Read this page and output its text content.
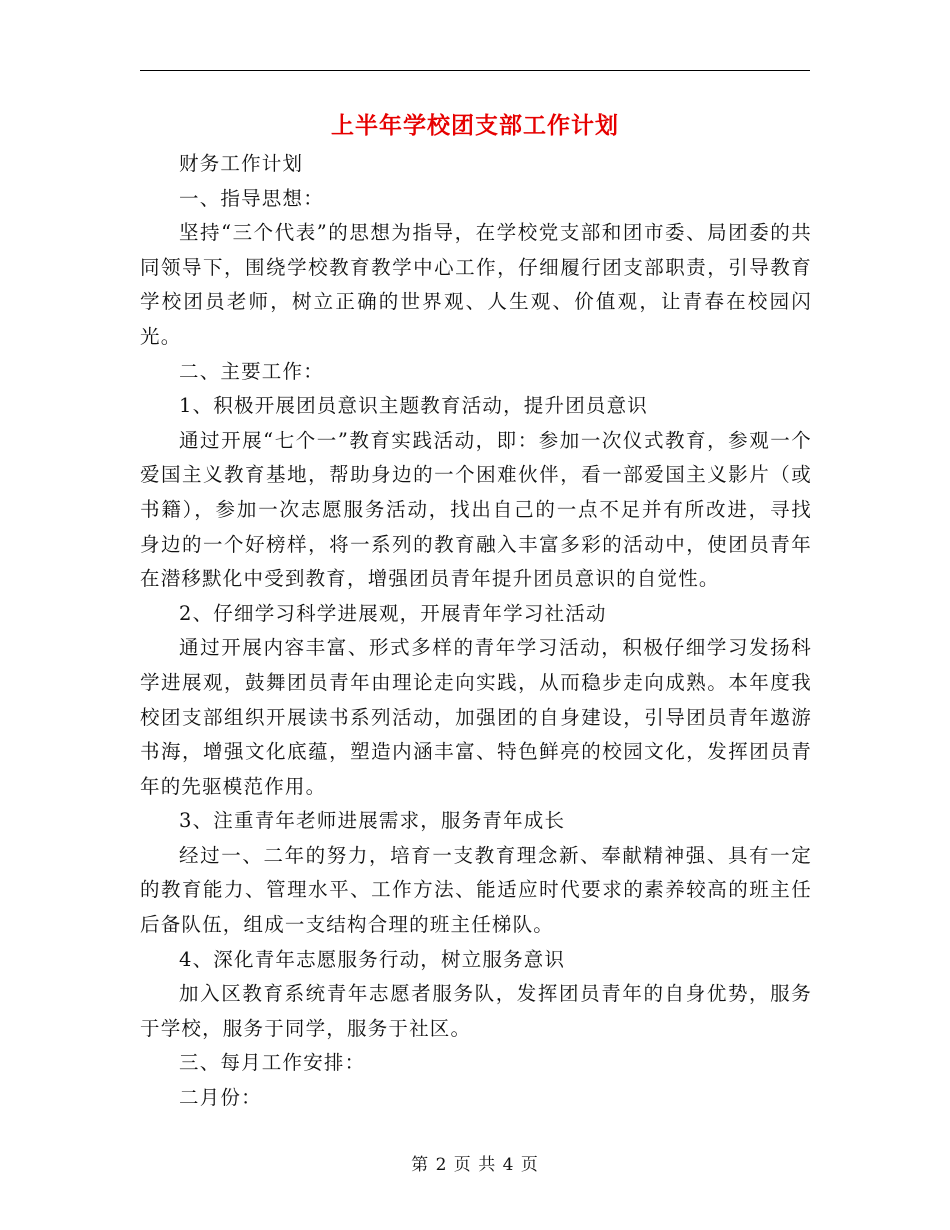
上半年学校团支部工作计划

财务工作计划

一、指导思想：

坚持“三个代表”的思想为指导，在学校党支部和团市委、局团委的共同领导下，围绕学校教育教学中心工作，仔细履行团支部职责，引导教育学校团员老师，树立正确的世界观、人生观、价值观，让青春在校园闪光。

二、主要工作：

1、积极开展团员意识主题教育活动，提升团员意识

通过开展“七个一”教育实践活动，即：参加一次仪式教育，参观一个爱国主义教育基地，帮助身边的一个困难伙伴，看一部爱国主义影片（或书籍），参加一次志愿服务活动，找出自己的一点不足并有所改进，寻找身边的一个好榜样，将一系列的教育融入丰富多彩的活动中，使团员青年在潜移默化中受到教育，增强团员青年提升团员意识的自觉性。

2、仔细学习科学进展观，开展青年学习社活动

通过开展内容丰富、形式多样的青年学习活动，积极仔细学习发扬科学进展观，鼓舞团员青年由理论走向实践，从而稳步走向成熟。本年度我校团支部组织开展读书系列活动，加强团的自身建设，引导团员青年遨游书海，增强文化底蕴，塑造内涵丰富、特色鲜亮的校园文化，发挥团员青年的先驱模范作用。

3、注重青年老师进展需求，服务青年成长

经过一、二年的努力，培育一支教育理念新、奉献精神强、具有一定的教育能力、管理水平、工作方法、能适应时代要求的素养较高的班主任后备队伍，组成一支结构合理的班主任梯队。

4、深化青年志愿服务行动，树立服务意识

加入区教育系统青年志愿者服务队，发挥团员青年的自身优势，服务于学校，服务于同学，服务于社区。

三、每月工作安排：

二月份：

第 2 页 共 4 页
